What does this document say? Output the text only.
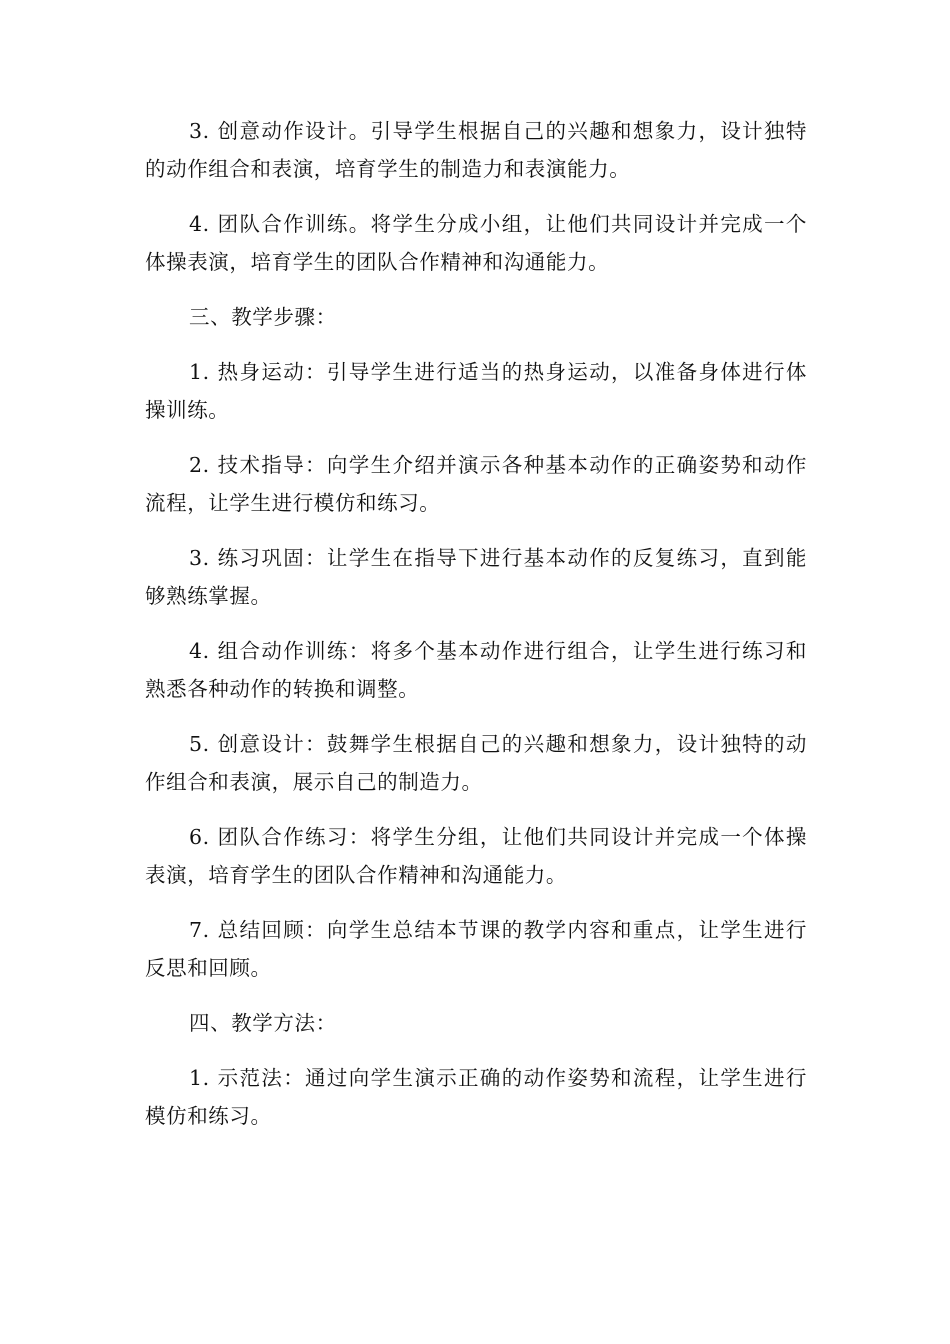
3. 创意动作设计。引导学生根据自己的兴趣和想象力，设计独特的动作组合和表演，培育学生的制造力和表演能力。

4. 团队合作训练。将学生分成小组，让他们共同设计并完成一个体操表演，培育学生的团队合作精神和沟通能力。

三、教学步骤：

1. 热身运动：引导学生进行适当的热身运动，以准备身体进行体操训练。

2. 技术指导：向学生介绍并演示各种基本动作的正确姿势和动作流程，让学生进行模仿和练习。

3. 练习巩固：让学生在指导下进行基本动作的反复练习，直到能够熟练掌握。

4. 组合动作训练：将多个基本动作进行组合，让学生进行练习和熟悉各种动作的转换和调整。

5. 创意设计：鼓舞学生根据自己的兴趣和想象力，设计独特的动作组合和表演，展示自己的制造力。

6. 团队合作练习：将学生分组，让他们共同设计并完成一个体操表演，培育学生的团队合作精神和沟通能力。

7. 总结回顾：向学生总结本节课的教学内容和重点，让学生进行反思和回顾。

四、教学方法：

1. 示范法：通过向学生演示正确的动作姿势和流程，让学生进行模仿和练习。
